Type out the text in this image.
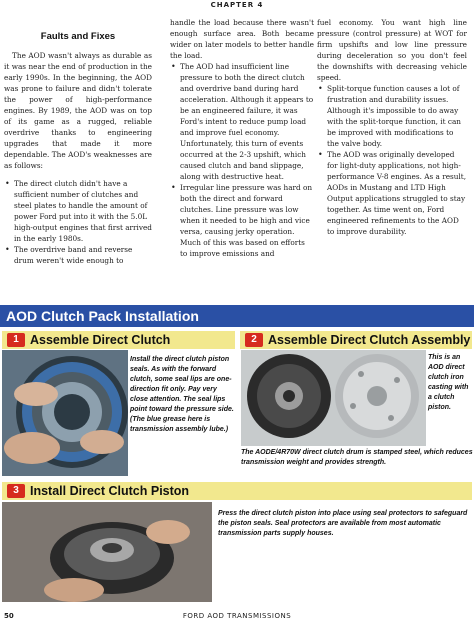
CHAPTER 4
Faults and Fixes

The AOD wasn't always as durable as it was near the end of production in the early 1990s. In the beginning, the AOD was prone to failure and didn't tolerate the power of high-performance engines. By 1989, the AOD was on top of its game as a rugged, reliable overdrive thanks to engineering upgrades that made it more dependable. The AOD's weaknesses are as follows:

• The direct clutch didn't have a sufficient number of clutches and steel plates to handle the amount of power Ford put into it with the 5.0L high-output engines that first arrived in the early 1980s.
• The overdrive band and reverse drum weren't wide enough to

handle the load because there wasn't enough surface area. Both became wider on later models to better handle the load.

• The AOD had insufficient line pressure to both the direct clutch and overdrive band during hard acceleration. Although it appears to be an engineered failure, it was Ford's intent to reduce pump load and improve fuel economy. Unfortunately, this turn of events occurred at the 2-3 upshift, which caused clutch and band slippage, along with destructive heat.
• Irregular line pressure was hard on both the direct and forward clutches. Line pressure was low when it needed to be high and vice versa, causing jerky operation. Much of this was based on efforts to improve emissions and

fuel economy. You want high line pressure (control pressure) at WOT for firm upshifts and low line pressure during deceleration so you don't feel the downshifts with decreasing vehicle speed.

• Split-torque function causes a lot of frustration and durability issues. Although it's impossible to do away with the split-torque function, it can be improved with modifications to the valve body.
• The AOD was originally developed for light-duty applications, not high-performance V-8 engines. As a result, AODs in Mustang and LTD High Output applications struggled to stay together. As time went on, Ford engineered refinements to the AOD to improve durability.
AOD Clutch Pack Installation
1 Assemble Direct Clutch
Install the direct clutch piston seals. As with the forward clutch, some seal lips are one-direction fit only. Pay very close attention. The seal lips point toward the pressure side. (The blue grease here is transmission assembly lube.)
2 Assemble Direct Clutch Assembly
This is an AOD direct clutch iron casting with a clutch piston.
The AODE/4R70W direct clutch drum is stamped steel, which reduces transmission weight and provides strength.
3 Install Direct Clutch Piston
Press the direct clutch piston into place using seal protectors to safeguard the piston seals. Seal protectors are available from most automatic transmission parts supply houses.
50	FORD AOD TRANSMISSIONS
